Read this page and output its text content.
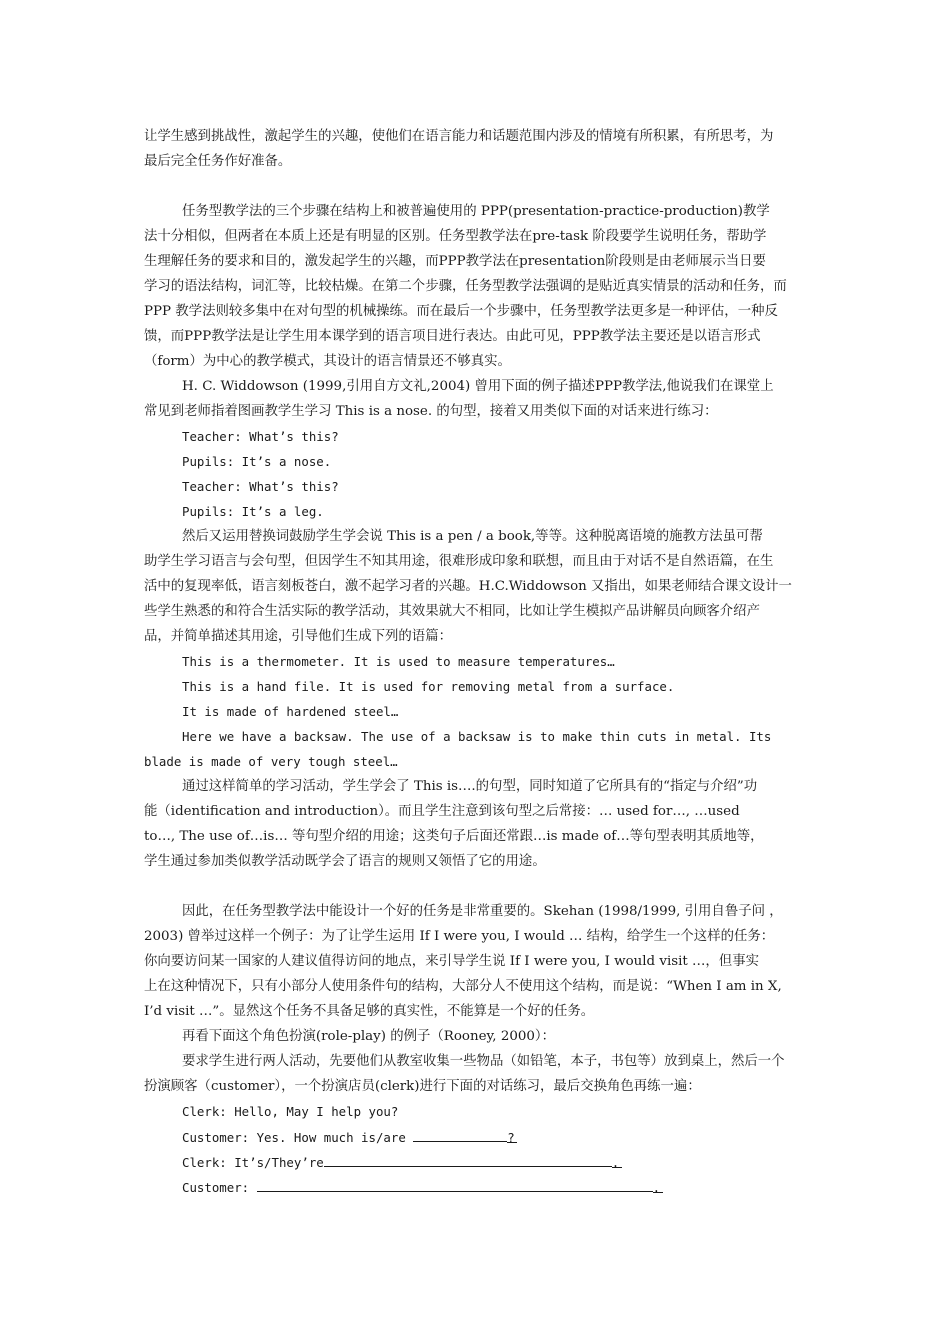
让学生感到挑战性，激起学生的兴趣，使他们在语言能力和话题范围内涉及的情境有所积累，有所思考，为
最后完全任务作好准备。
任务型教学法的三个步骤在结构上和被普遍使用的 PPP(presentation-practice-production)教学
法十分相似，但两者在本质上还是有明显的区别。任务型教学法在pre-task 阶段要学生说明任务，帮助学
生理解任务的要求和目的，激发起学生的兴趣，而PPP教学法在presentation阶段则是由老师展示当日要
学习的语法结构，词汇等，比较枯燥。在第二个步骤，任务型教学法强调的是贴近真实情景的活动和任务，而
PPP 教学法则较多集中在对句型的机械操练。而在最后一个步骤中，任务型教学法更多是一种评估，一种反
馈，而PPP教学法是让学生用本课学到的语言项目进行表达。由此可见，PPP教学法主要还是以语言形式
（form）为中心的教学模式，其设计的语言情景还不够真实。
H. C. Widdowson (1999,引用自方文礼,2004) 曾用下面的例子描述PPP教学法,他说我们在课堂上
常见到老师指着图画教学生学习 This is a nose. 的句型，接着又用类似下面的对话来进行练习：
Teacher: What’s this?
Pupils: It’s a nose.
Teacher: What’s this?
Pupils: It’s a leg.
然后又运用替换词鼓励学生学会说 This is a pen / a book,等等。这种脱离语境的施教方法虽可帮
助学生学习语言与会句型，但因学生不知其用途，很难形成印象和联想，而且由于对话不是自然语篇，在生
活中的复现率低，语言刻板苍白，激不起学习者的兴趣。H.C.Widdowson 又指出，如果老师结合课文设计一
些学生熟悉的和符合生活实际的教学活动，其效果就大不相同，比如让学生模拟产品讲解员向顾客介绍产
品，并简单描述其用途，引导他们生成下列的语篇：
This is a thermometer. It is used to measure temperatures…
This is a hand file. It is used for removing metal from a surface.
It is made of hardened steel…
Here we have a backsaw. The use of a backsaw is to make thin cuts in metal. Its
blade is made of very tough steel…
通过这样简单的学习活动，学生学会了 This is….的句型，同时知道了它所具有的“指定与介绍”功
能（identification and introduction）。而且学生注意到该句型之后常接：… used for…, …used
to…, The use of…is… 等句型介绍的用途；这类句子后面还常跟…is made of…等句型表明其质地等，
学生通过参加类似教学活动既学会了语言的规则又领悟了它的用途。
因此，在任务型教学法中能设计一个好的任务是非常重要的。Skehan (1998/1999, 引用自鲁子问 ，
2003) 曾举过这样一个例子：为了让学生运用 If I were you, I would … 结构，给学生一个这样的任务：
你向要访问某一国家的人建议值得访问的地点，来引导学生说 If I were you, I would visit …，但事实
上在这种情况下，只有小部分人使用条件句的结构，大部分人不使用这个结构，而是说：“When I am in X,
I’d visit …”。显然这个任务不具备足够的真实性，不能算是一个好的任务。
再看下面这个角色扮演(role-play) 的例子（Rooney, 2000）：
要求学生进行两人活动，先要他们从教室收集一些物品（如铅笔，本子，书包等）放到桌上，然后一个
扮演顾客（customer），一个扮演店员(clerk)进行下面的对话练习，最后交换角色再练一遍：
Clerk: Hello, May I help you?
Customer: Yes. How much is/are	?
Clerk: It’s/They’re	.
Customer:	.
